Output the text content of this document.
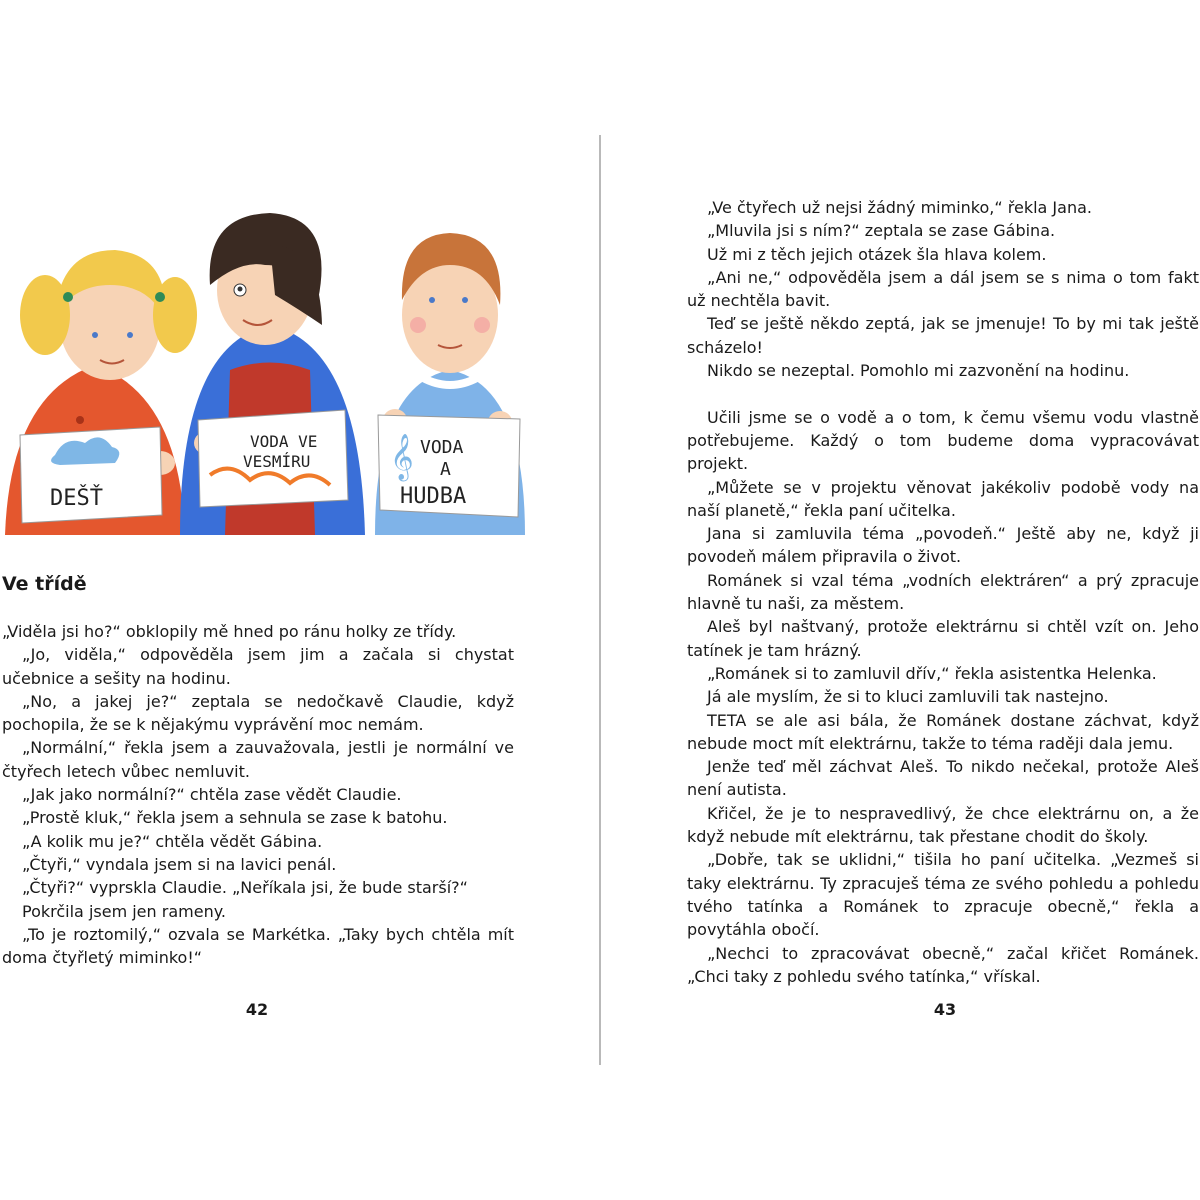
DEŠŤ
VODA VE
VESMÍRU 𝄞 VODA
A
HUDBA
Ve třídě

„Viděla jsi ho?“ obklopily mě hned po ránu holky ze třídy.

„Jo, viděla,“ odpověděla jsem jim a začala si chystat učebnice a sešity na hodinu.

„No, a jakej je?“ zeptala se nedočkavě Claudie, když pochopila, že se k nějakýmu vyprávění moc nemám.

„Normální,“ řekla jsem a zauvažovala, jestli je normální ve čtyřech letech vůbec nemluvit.

„Jak jako normální?“ chtěla zase vědět Claudie.

„Prostě kluk,“ řekla jsem a sehnula se zase k batohu.

„A kolik mu je?“ chtěla vědět Gábina.

„Čtyři,“ vyndala jsem si na lavici penál.

„Čtyři?“ vyprskla Claudie. „Neříkala jsi, že bude starší?“

Pokrčila jsem jen rameny.

„To je roztomilý,“ ozvala se Markétka. „Taky bych chtěla mít doma čtyřletý miminko!“

42

„Ve čtyřech už nejsi žádný miminko,“ řekla Jana.

„Mluvila jsi s ním?“ zeptala se zase Gábina.

Už mi z těch jejich otázek šla hlava kolem.

„Ani ne,“ odpověděla jsem a dál jsem se s nima o tom fakt už nechtěla bavit.

Teď se ještě někdo zeptá, jak se jmenuje! To by mi tak ještě scházelo!

Nikdo se nezeptal. Pomohlo mi zazvonění na hodinu.

Učili jsme se o vodě a o tom, k čemu všemu vodu vlastně potřebujeme. Každý o tom budeme doma vypracovávat projekt.

„Můžete se v projektu věnovat jakékoliv podobě vody na naší planetě,“ řekla paní učitelka.

Jana si zamluvila téma „povodeň.“ Ještě aby ne, když ji povodeň málem připravila o život.

Románek si vzal téma „vodních elektráren“ a prý zpracuje hlavně tu naši, za městem.

Aleš byl naštvaný, protože elektrárnu si chtěl vzít on. Jeho tatínek je tam hrázný.

„Románek si to zamluvil dřív,“ řekla asistentka Helenka.

Já ale myslím, že si to kluci zamluvili tak nastejno.

TETA se ale asi bála, že Románek dostane záchvat, když nebude moct mít elektrárnu, takže to téma raději dala jemu.

Jenže teď měl záchvat Aleš. To nikdo nečekal, protože Aleš není autista.

Křičel, že je to nespravedlivý, že chce elektrárnu on, a že když nebude mít elektrárnu, tak přestane chodit do školy.

„Dobře, tak se uklidni,“ tišila ho paní učitelka. „Vezmeš si taky elektrárnu. Ty zpracuješ téma ze svého pohledu a pohledu tvého tatínka a Románek to zpracuje obecně,“ řekla a povytáhla obočí.

„Nechci to zpracovávat obecně,“ začal křičet Románek. „Chci taky z pohledu svého tatínka,“ vřískal.

43
